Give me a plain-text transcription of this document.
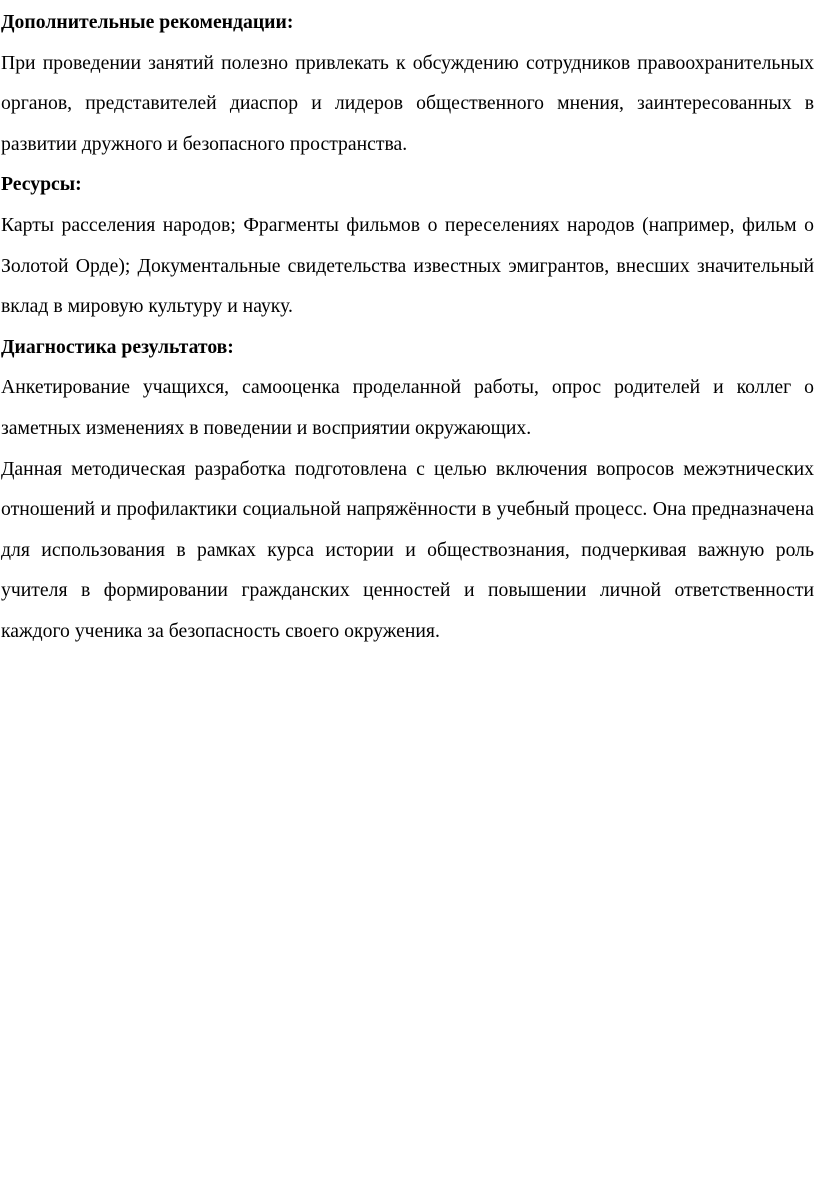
Дополнительные рекомендации:
При проведении занятий полезно привлекать к обсуждению сотрудников правоохранительных органов, представителей диаспор и лидеров общественного мнения, заинтересованных в развитии дружного и безопасного пространства.
Ресурсы:
Карты расселения народов; Фрагменты фильмов о переселениях народов (например, фильм о Золотой Орде); Документальные свидетельства известных эмигрантов, внесших значительный вклад в мировую культуру и науку.
Диагностика результатов:
Анкетирование учащихся, самооценка проделанной работы, опрос родителей и коллег о заметных изменениях в поведении и восприятии окружающих.
Данная методическая разработка подготовлена с целью включения вопросов межэтнических отношений и профилактики социальной напряжённости в учебный процесс. Она предназначена для использования в рамках курса истории и обществознания, подчеркивая важную роль учителя в формировании гражданских ценностей и повышении личной ответственности каждого ученика за безопасность своего окружения.
